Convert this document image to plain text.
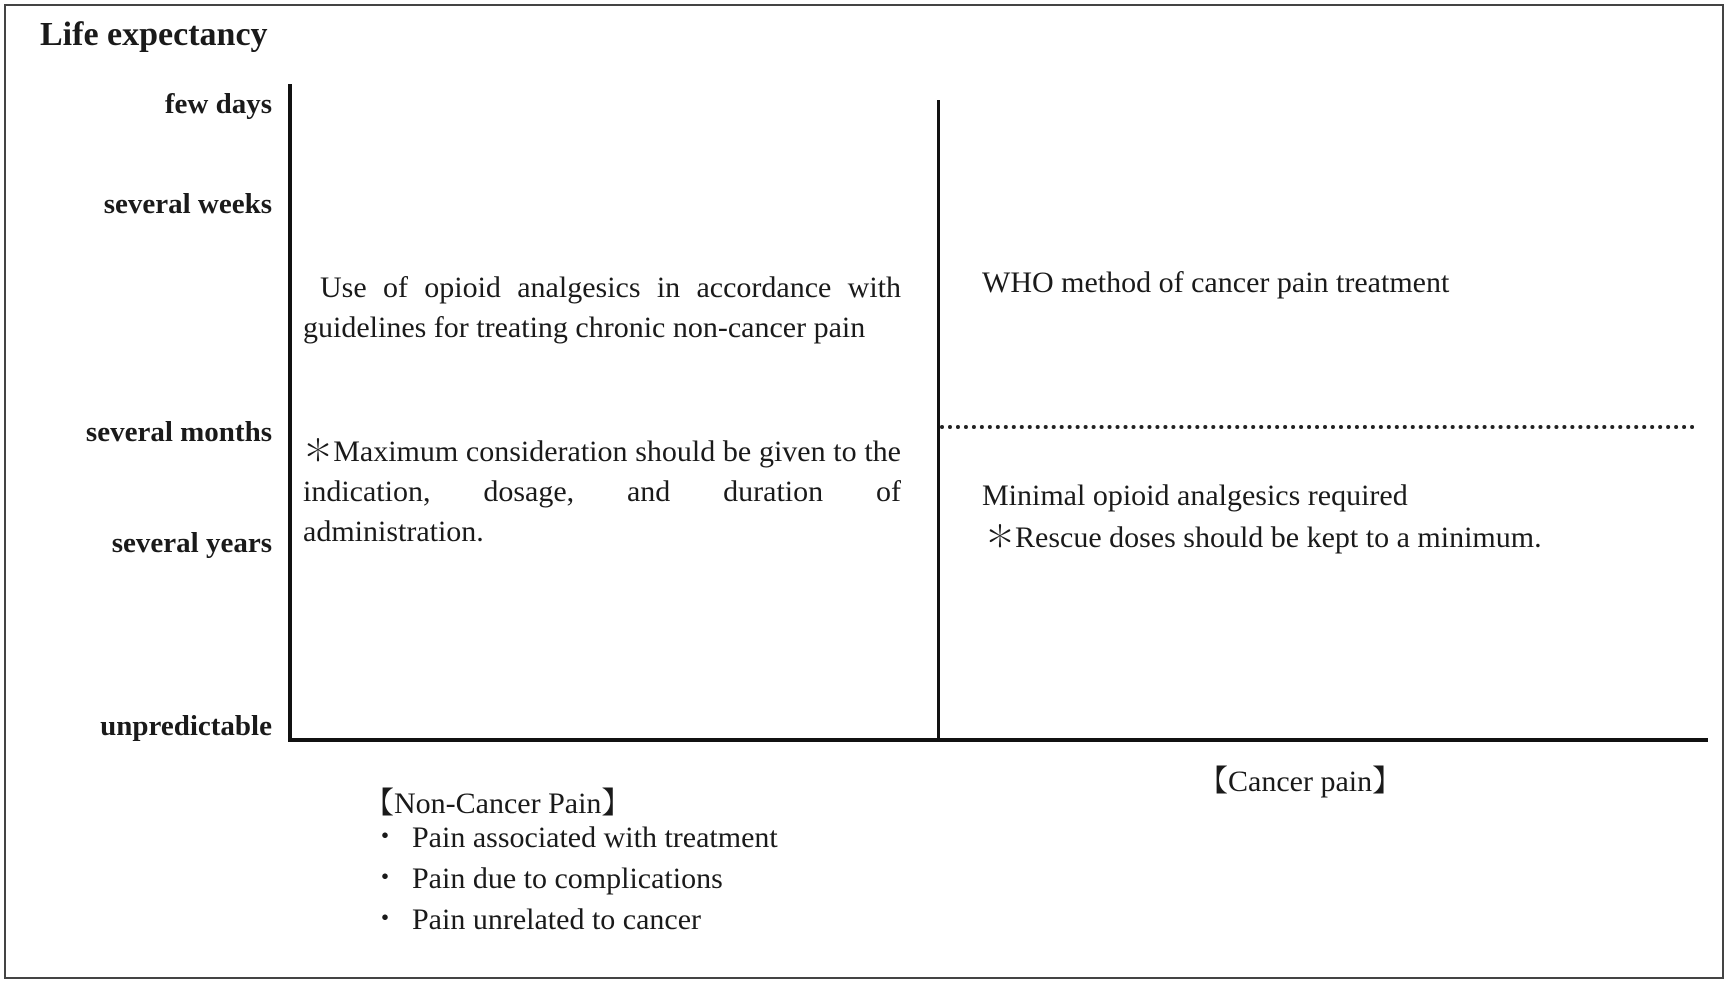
Life expectancy
few days
several weeks
several months
several years
unpredictable
Use of opioid analgesics in accordance with guidelines for treating chronic non-cancer pain
＊Maximum consideration should be given to the indication, dosage, and duration of administration.
WHO method of cancer pain treatment
Minimal opioid analgesics required
＊Rescue doses should be kept to a minimum.
【Non-Cancer Pain】
【Cancer pain】
・ Pain associated with treatment
・ Pain due to complications
・ Pain unrelated to cancer
